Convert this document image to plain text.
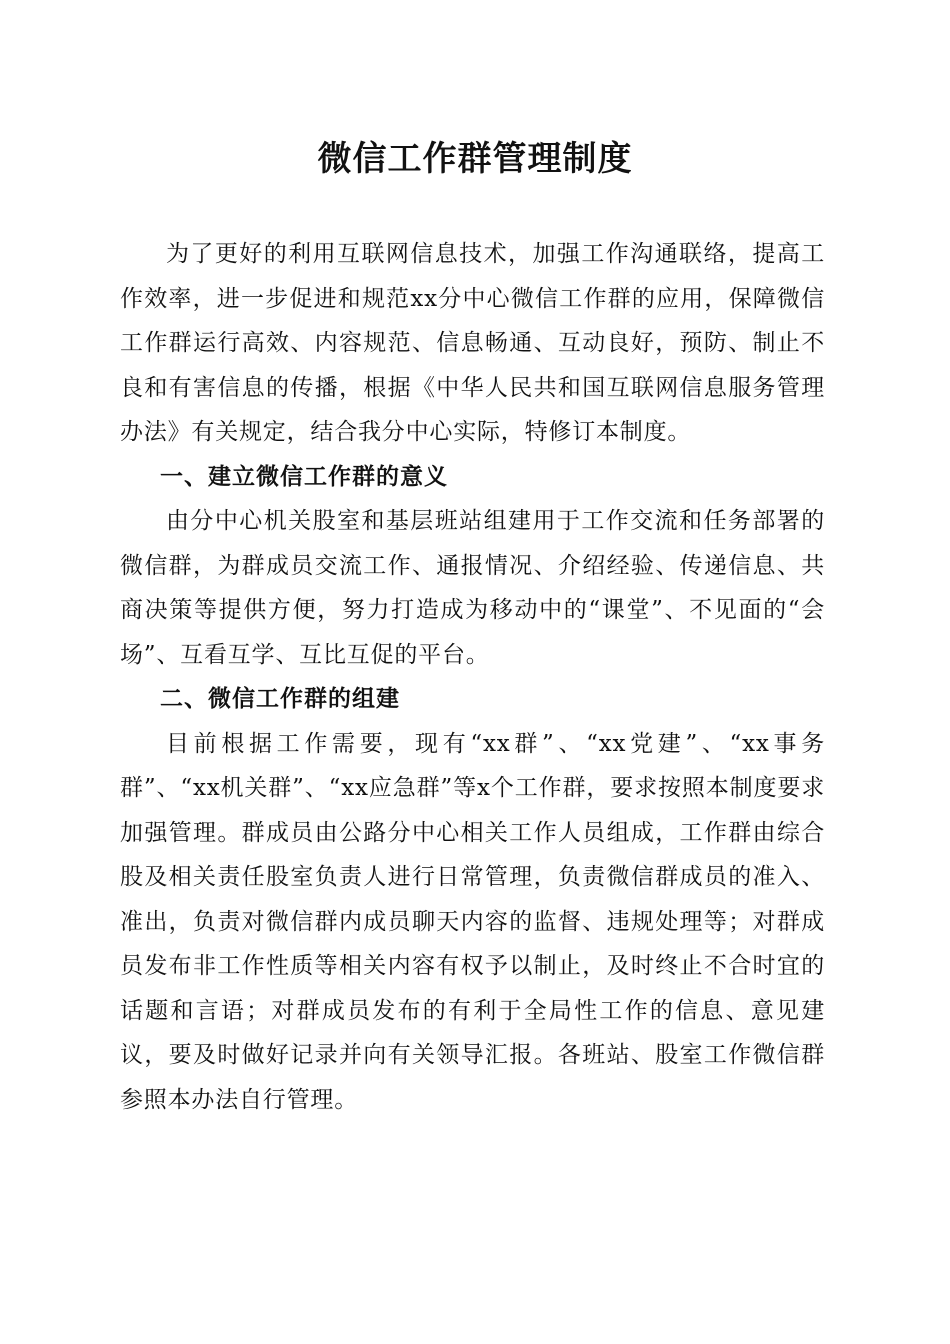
微信工作群管理制度

为了更好的利用互联网信息技术，加强工作沟通联络，提高工作效率，进一步促进和规范xx分中心微信工作群的应用，保障微信工作群运行高效、内容规范、信息畅通、互动良好，预防、制止不良和有害信息的传播，根据《中华人民共和国互联网信息服务管理办法》有关规定，结合我分中心实际，特修订本制度。

一、建立微信工作群的意义

由分中心机关股室和基层班站组建用于工作交流和任务部署的微信群，为群成员交流工作、通报情况、介绍经验、传递信息、共商决策等提供方便，努力打造成为移动中的“课堂”、不见面的“会场”、互看互学、互比互促的平台。

二、微信工作群的组建

目前根据工作需要，现有“xx群”、“xx党建”、“xx事务群”、“xx机关群”、“xx应急群”等x个工作群，要求按照本制度要求加强管理。群成员由公路分中心相关工作人员组成，工作群由综合股及相关责任股室负责人进行日常管理，负责微信群成员的准入、准出，负责对微信群内成员聊天内容的监督、违规处理等；对群成员发布非工作性质等相关内容有权予以制止，及时终止不合时宜的话题和言语；对群成员发布的有利于全局性工作的信息、意见建议，要及时做好记录并向有关领导汇报。各班站、股室工作微信群参照本办法自行管理。
